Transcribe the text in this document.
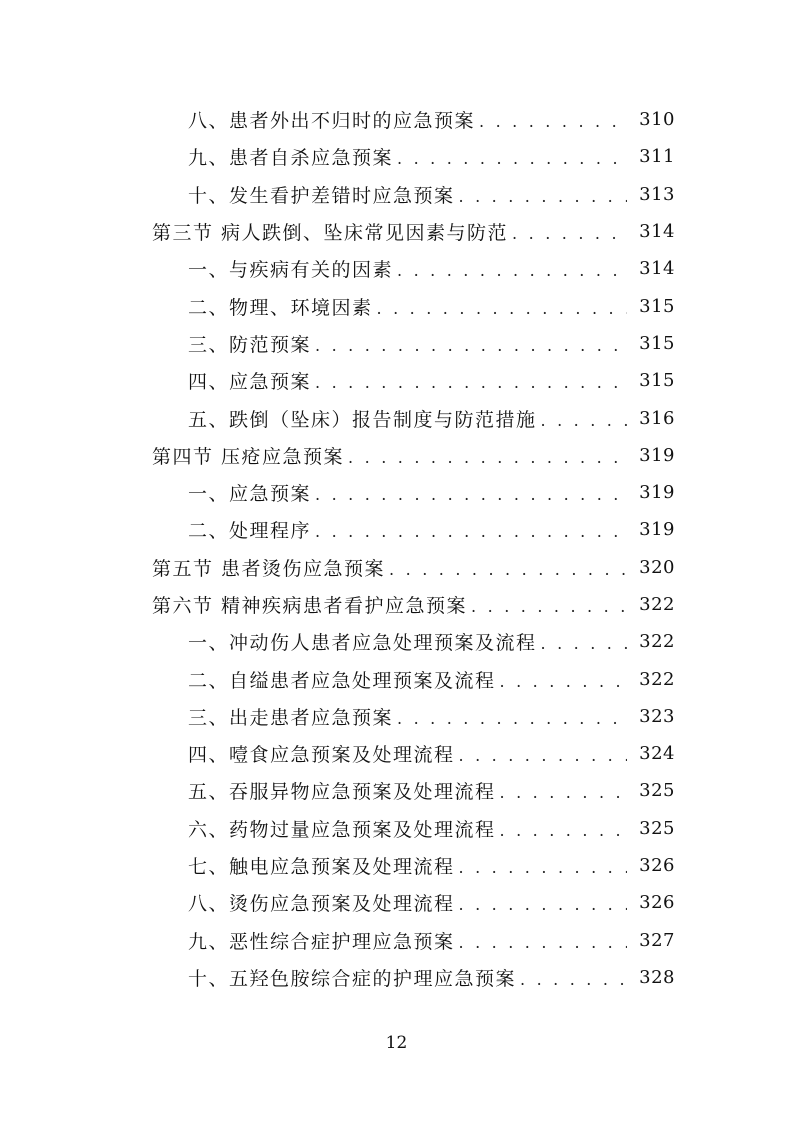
八、患者外出不归时的应急预案 . . .	310
九、患者自杀应急预案 . . .	311
十、发生看护差错时应急预案 . . .	313
第三节 病人跌倒、坠床常见因素与防范 . . .	314
一、与疾病有关的因素 . . .	314
二、物理、环境因素 . . .	315
三、防范预案 . . .	315
四、应急预案 . . .	315
五、跌倒（坠床）报告制度与防范措施 . . .	316
第四节 压疮应急预案 . . .	319
一、应急预案 . . .	319
二、处理程序 . . .	319
第五节 患者烫伤应急预案 . . .	320
第六节 精神疾病患者看护应急预案 . . .	322
一、冲动伤人患者应急处理预案及流程 . . .	322
二、自缢患者应急处理预案及流程 . . .	322
三、出走患者应急预案 . . .	323
四、噎食应急预案及处理流程 . . .	324
五、吞服异物应急预案及处理流程 . . .	325
六、药物过量应急预案及处理流程 . . .	325
七、触电应急预案及处理流程 . . .	326
八、烫伤应急预案及处理流程 . . .	326
九、恶性综合症护理应急预案 . . .	327
十、五羟色胺综合症的护理应急预案 . . .	328
12
